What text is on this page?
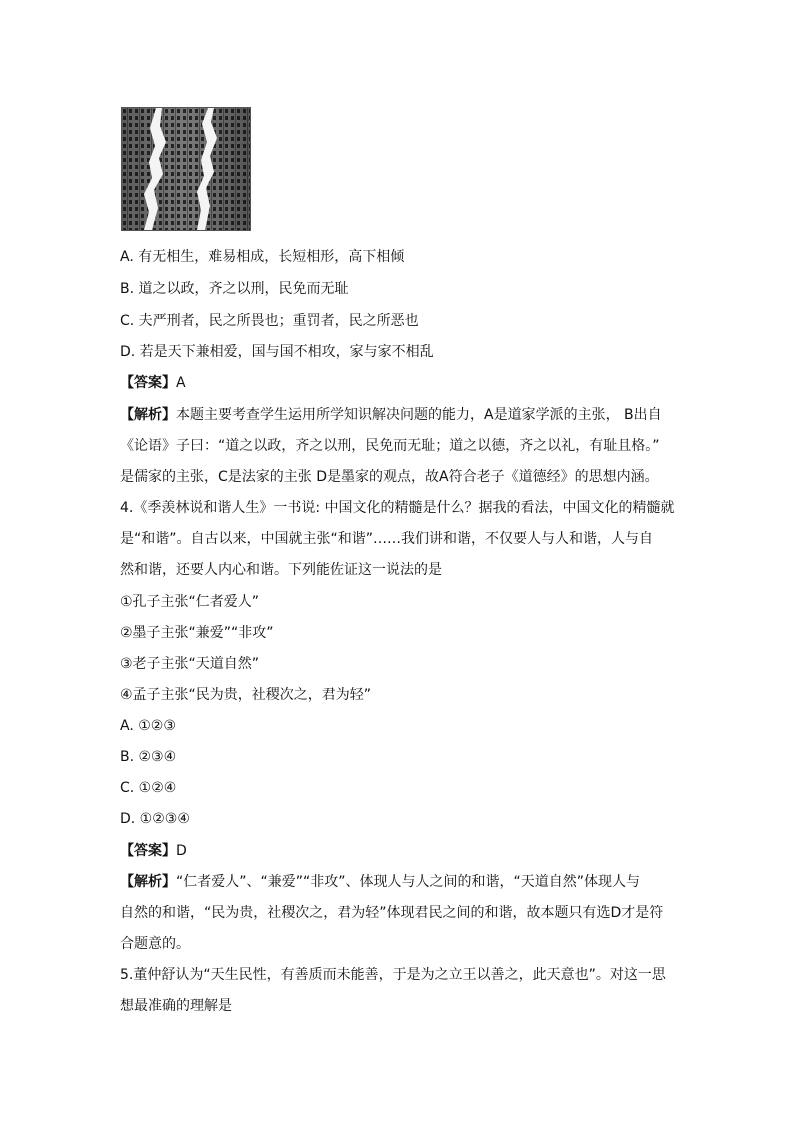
A. 有无相生，难易相成，长短相形，高下相倾
B. 道之以政，齐之以刑，民免而无耻
C. 夫严刑者，民之所畏也；重罚者，民之所恶也
D. 若是天下兼相爱，国与国不相攻，家与家不相乱
【答案】A
【解析】本题主要考查学生运用所学知识解决问题的能力，A是道家学派的主张， B出自
《论语》子曰：“道之以政，齐之以刑，民免而无耻；道之以德，齐之以礼，有耻且格。”
是儒家的主张，C是法家的主张 D是墨家的观点，故A符合老子《道德经》的思想内涵。
4.《季羡林说和谐人生》一书说: 中国文化的精髓是什么？据我的看法，中国文化的精髓就
是“和谐”。自古以来，中国就主张“和谐”……我们讲和谐，不仅要人与人和谐，人与自
然和谐，还要人内心和谐。下列能佐证这一说法的是
①孔子主张“仁者爱人”
②墨子主张“兼爱”“非攻”
③老子主张“天道自然”
④孟子主张“民为贵，社稷次之，君为轻”
A. ①②③
B. ②③④
C. ①②④
D. ①②③④
【答案】D
【解析】“仁者爱人”、“兼爱”“非攻”、体现人与人之间的和谐，“天道自然”体现人与
自然的和谐，“民为贵，社稷次之，君为轻”体现君民之间的和谐，故本题只有选D才是符
合题意的。
5.董仲舒认为“天生民性，有善质而未能善，于是为之立王以善之，此天意也”。对这一思
想最准确的理解是
